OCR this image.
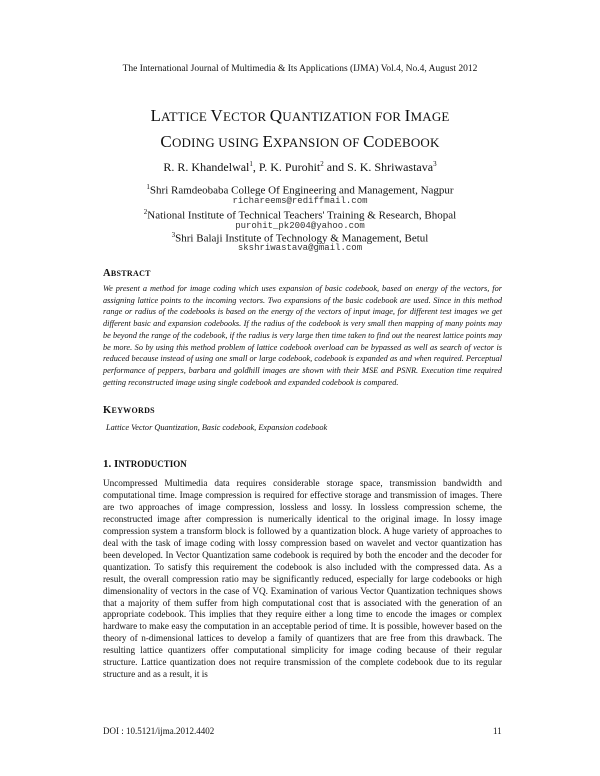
The International Journal of Multimedia & Its Applications (IJMA) Vol.4, No.4, August 2012
LATTICE VECTOR QUANTIZATION FOR IMAGE
CODING USING EXPANSION OF CODEBOOK
R. R. Khandelwal$^1$, P. K. Purohit$^2$ and S. K. Shriwastava$^3$
$^1$Shri Ramdeobaba College Of Engineering and Management, Nagpur
richareems@rediffmail.com
$^2$National Institute of Technical Teachers' Training & Research, Bhopal
purohit_pk2004@yahoo.com
$^3$Shri Balaji Institute of Technology & Management, Betul
skshriwastava@gmail.com
ABSTRACT
We present a method for image coding which uses expansion of basic codebook, based on energy of the vectors, for assigning lattice points to the incoming vectors. Two expansions of the basic codebook are used. Since in this method range or radius of the codebooks is based on the energy of the vectors of input image, for different test images we get different basic and expansion codebooks. If the radius of the codebook is very small then mapping of many points may be beyond the range of the codebook, if the radius is very large then time taken to find out the nearest lattice points may be more. So by using this method problem of lattice codebook overload can be bypassed as well as search of vector is reduced because instead of using one small or large codebook, codebook is expanded as and when required. Perceptual performance of peppers, barbara and goldhill images are shown with their MSE and PSNR. Execution time required getting reconstructed image using single codebook and expanded codebook is compared.
KEYWORDS
Lattice Vector Quantization, Basic codebook, Expansion codebook
1. INTRODUCTION
Uncompressed Multimedia data requires considerable storage space, transmission bandwidth and computational time. Image compression is required for effective storage and transmission of images. There are two approaches of image compression, lossless and lossy. In lossless compression scheme, the reconstructed image after compression is numerically identical to the original image. In lossy image compression system a transform block is followed by a quantization block. A huge variety of approaches to deal with the task of image coding with lossy compression based on wavelet and vector quantization has been developed. In Vector Quantization same codebook is required by both the encoder and the decoder for quantization. To satisfy this requirement the codebook is also included with the compressed data. As a result, the overall compression ratio may be significantly reduced, especially for large codebooks or high dimensionality of vectors in the case of VQ. Examination of various Vector Quantization techniques shows that a majority of them suffer from high computational cost that is associated with the generation of an appropriate codebook. This implies that they require either a long time to encode the images or complex hardware to make easy the computation in an acceptable period of time. It is possible, however based on the theory of n-dimensional lattices to develop a family of quantizers that are free from this drawback. The resulting lattice quantizers offer computational simplicity for image coding because of their regular structure. Lattice quantization does not require transmission of the complete codebook due to its regular structure and as a result, it is
DOI : 10.5121/ijma.2012.4402	11
